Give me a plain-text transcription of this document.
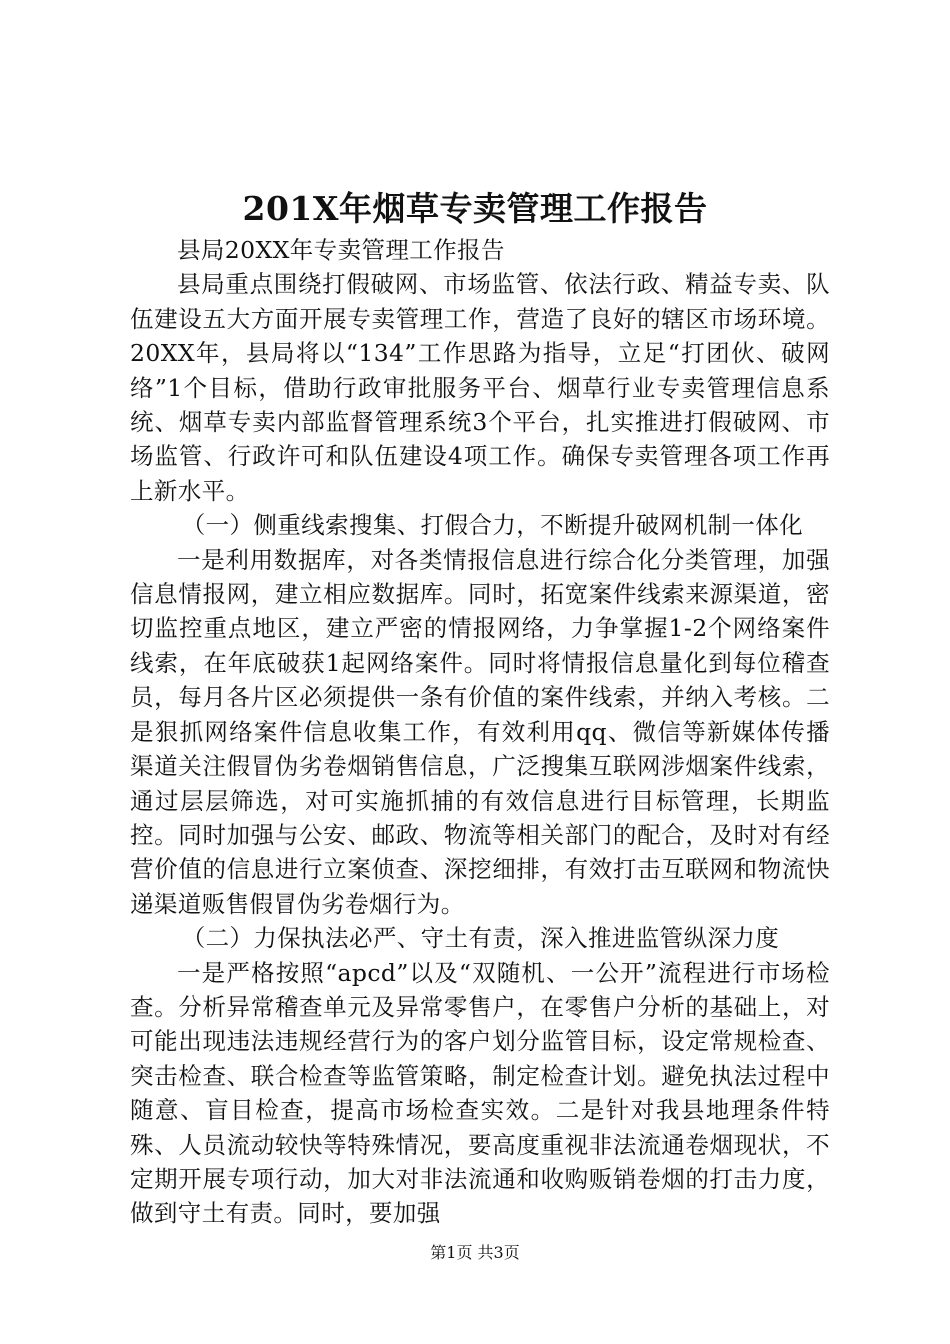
201X年烟草专卖管理工作报告

县局20XX年专卖管理工作报告

县局重点围绕打假破网、市场监管、依法行政、精益专卖、队伍建设五大方面开展专卖管理工作，营造了良好的辖区市场环境。20XX年，县局将以“134”工作思路为指导，立足“打团伙、破网络”1个目标，借助行政审批服务平台、烟草行业专卖管理信息系统、烟草专卖内部监督管理系统3个平台，扎实推进打假破网、市场监管、行政许可和队伍建设4项工作。确保专卖管理各项工作再上新水平。

（一）侧重线索搜集、打假合力，不断提升破网机制一体化

一是利用数据库，对各类情报信息进行综合化分类管理，加强信息情报网，建立相应数据库。同时，拓宽案件线索来源渠道，密切监控重点地区，建立严密的情报网络，力争掌握1-2个网络案件线索，在年底破获1起网络案件。同时将情报信息量化到每位稽查员，每月各片区必须提供一条有价值的案件线索，并纳入考核。二是狠抓网络案件信息收集工作，有效利用qq、微信等新媒体传播渠道关注假冒伪劣卷烟销售信息，广泛搜集互联网涉烟案件线索，通过层层筛选，对可实施抓捕的有效信息进行目标管理，长期监控。同时加强与公安、邮政、物流等相关部门的配合，及时对有经营价值的信息进行立案侦查、深挖细排，有效打击互联网和物流快递渠道贩售假冒伪劣卷烟行为。

（二）力保执法必严、守土有责，深入推进监管纵深力度

一是严格按照“apcd”以及“双随机、一公开”流程进行市场检查。分析异常稽查单元及异常零售户，在零售户分析的基础上，对可能出现违法违规经营行为的客户划分监管目标，设定常规检查、突击检查、联合检查等监管策略，制定检查计划。避免执法过程中随意、盲目检查，提高市场检查实效。二是针对我县地理条件特殊、人员流动较快等特殊情况，要高度重视非法流通卷烟现状，不定期开展专项行动，加大对非法流通和收购贩销卷烟的打击力度，做到守土有责。同时，要加强

第1页 共3页
